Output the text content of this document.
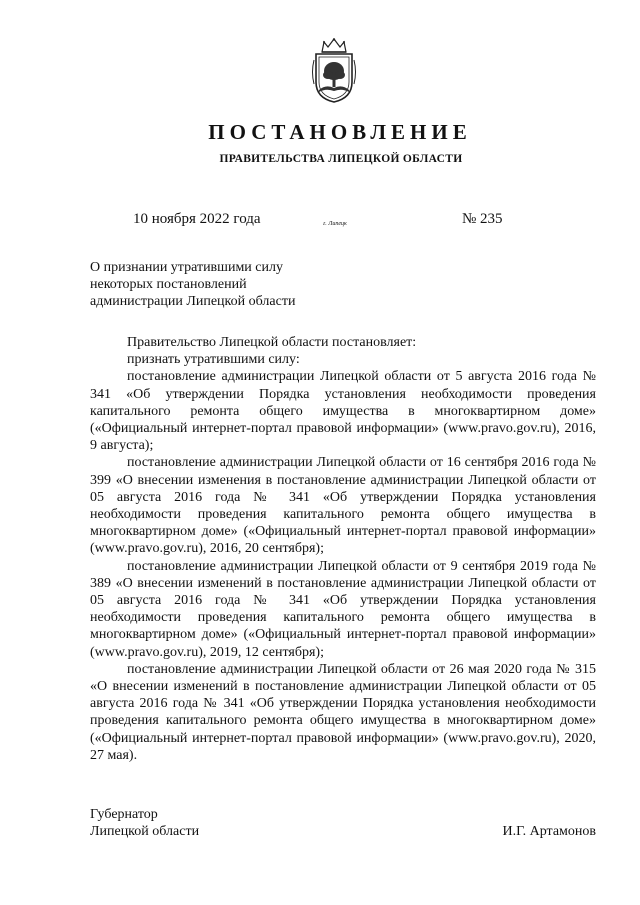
ПОСТАНОВЛЕНИЕ
ПРАВИТЕЛЬСТВА ЛИПЕЦКОЙ ОБЛАСТИ
10 ноября 2022 года	г. Липецк	№ 235
О признании утратившими силу
некоторых постановлений
администрации Липецкой области

Правительство Липецкой области постановляет:

признать утратившими силу:

постановление администрации Липецкой области от 5 августа 2016 года № 341 «Об утверждении Порядка установления необходимости проведения капитального ремонта общего имущества в многоквартирном доме» («Официальный интернет-портал правовой информации» (www.pravo.gov.ru), 2016, 9 августа);

постановление администрации Липецкой области от 16 сентября 2016 года № 399 «О внесении изменения в постановление администрации Липецкой области от 05 августа 2016 года № 341 «Об утверждении Порядка установления необходимости проведения капитального ремонта общего имущества в многоквартирном доме» («Официальный интернет-портал правовой информации» (www.pravo.gov.ru), 2016, 20 сентября);

постановление администрации Липецкой области от 9 сентября 2019 года № 389 «О внесении изменений в постановление администрации Липецкой области от 05 августа 2016 года № 341 «Об утверждении Порядка установления необходимости проведения капитального ремонта общего имущества в многоквартирном доме» («Официальный интернет-портал правовой информации» (www.pravo.gov.ru), 2019, 12 сентября);

постановление администрации Липецкой области от 26 мая 2020 года № 315 «О внесении изменений в постановление администрации Липецкой области от 05 августа 2016 года № 341 «Об утверждении Порядка установления необходимости проведения капитального ремонта общего имущества в многоквартирном доме» («Официальный интернет-портал правовой информации» (www.pravo.gov.ru), 2020, 27 мая).

Губернатор
Липецкой области	И.Г. Артамонов
